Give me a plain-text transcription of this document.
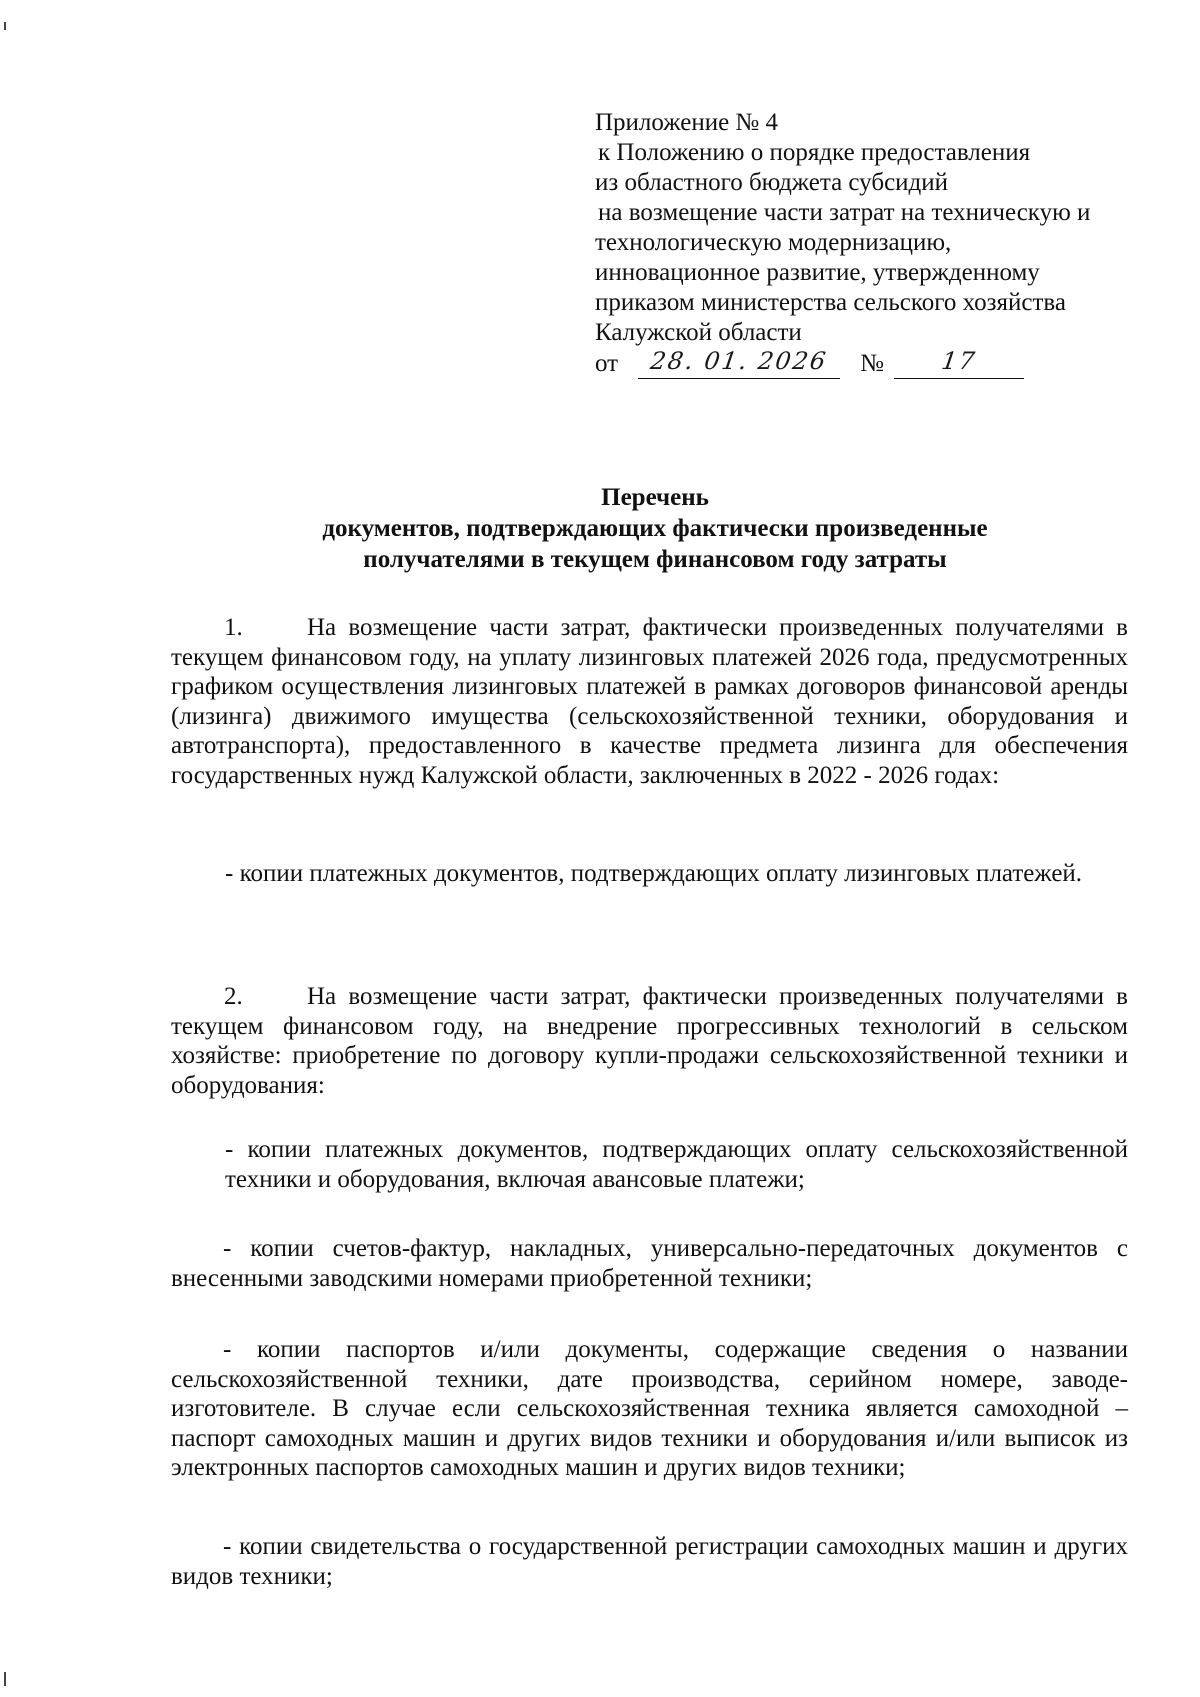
Приложение № 4
к Положению о порядке предоставления
из областного бюджета субсидий
на возмещение части затрат на техническую и
технологическую модернизацию,
инновационное развитие, утвержденному
приказом министерства сельского хозяйства
Калужской области
от	28. 01. 2026	№	17
Перечень
документов, подтверждающих фактически произведенные
получателями в текущем финансовом году затраты

1.	На возмещение части затрат, фактически произведенных получателями в текущем финансовом году, на уплату лизинговых платежей 2026 года, предусмотренных графиком осуществления лизинговых платежей в рамках договоров финансовой аренды (лизинга) движимого имущества (сельскохозяйственной техники, оборудования и автотранспорта), предоставленного в качестве предмета лизинга для обеспечения государственных нужд Калужской области, заключенных в 2022 - 2026 годах:

- копии платежных документов, подтверждающих оплату лизинговых платежей.

2.	На возмещение части затрат, фактически произведенных получателями в текущем финансовом году, на внедрение прогрессивных технологий в сельском хозяйстве: приобретение по договору купли-продажи сельскохозяйственной техники и оборудования:

- копии платежных документов, подтверждающих оплату сельскохозяйственной техники и оборудования, включая авансовые платежи;

- копии счетов-фактур, накладных, универсально-передаточных документов с внесенными заводскими номерами приобретенной техники;

- копии паспортов и/или документы, содержащие сведения о названии сельскохозяйственной техники, дате производства, серийном номере, заводе-изготовителе. В случае если сельскохозяйственная техника является самоходной – паспорт самоходных машин и других видов техники и оборудования и/или выписок из электронных паспортов самоходных машин и других видов техники;

- копии свидетельства о государственной регистрации самоходных машин и других видов техники;
